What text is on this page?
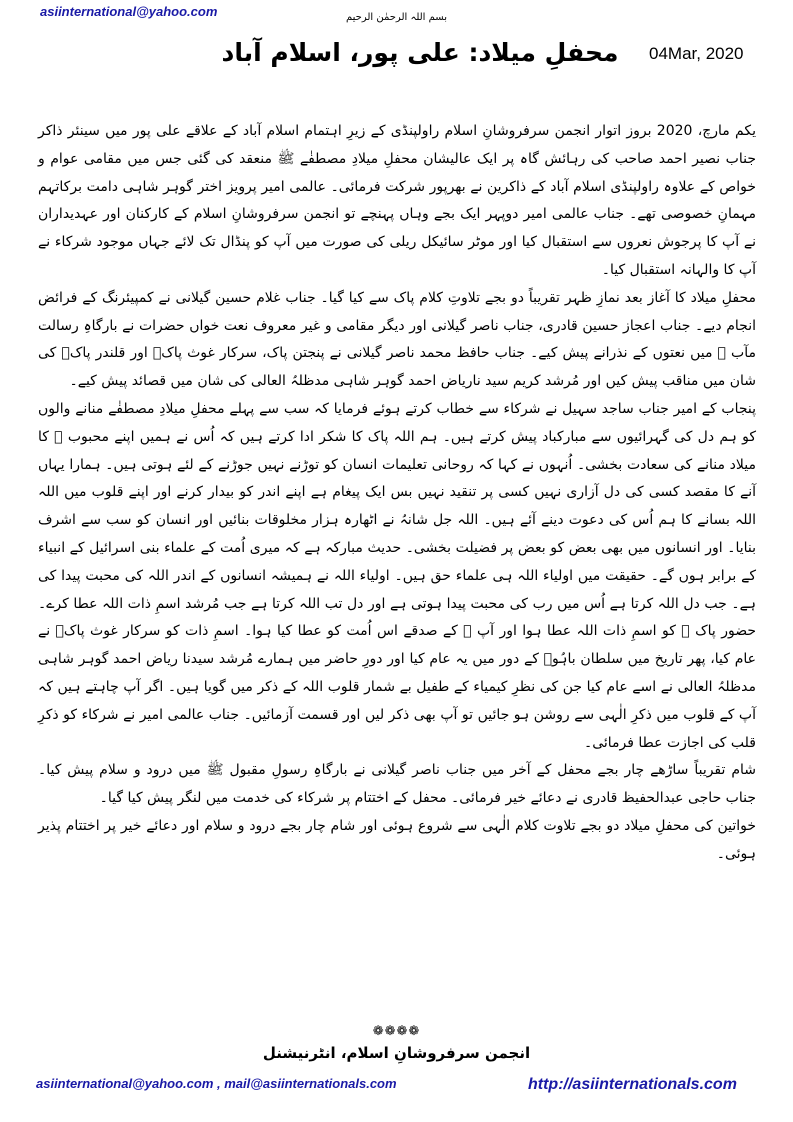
asiinternational@yahoo.com	بسم اللہ الرحمٰن الرحیم
محفلِ میلاد: علی پور، اسلام آباد 04Mar, 2020

یکم مارچ، 2020 بروز اتوار انجمن سرفروشانِ اسلام راولپنڈی کے زیرِ اہتمام اسلام آباد کے علاقے علی پور میں سینئر ذاکر جناب نصیر احمد صاحب کی رہائش گاہ پر ایک عالیشان محفلِ میلادِ مصطفٰے ﷺ منعقد کی گئی جس میں مقامی عوام و خواص کے علاوہ راولپنڈی اسلام آباد کے ذاکرین نے بھرپور شرکت فرمائی۔ عالمی امیر پرویز اختر گوہر شاہی دامت برکاتہم مہمانِ خصوصی تھے۔ جناب عالمی امیر دوپہر ایک بجے وہاں پہنچے تو انجمن سرفروشانِ اسلام کے کارکنان اور عہدیداران نے آپ کا پرجوش نعروں سے استقبال کیا اور موٹر سائیکل ریلی کی صورت میں آپ کو پنڈال تک لائے جہاں موجود شرکاء نے آپ کا والہانہ استقبال کیا۔

محفلِ میلاد کا آغاز بعد نمازِ ظہر تقریباً دو بجے تلاوتِ کلام پاک سے کیا گیا۔ جناب غلام حسین گیلانی نے کمپیئرنگ کے فرائض انجام دیے۔ جناب اعجاز حسین قادری، جناب ناصر گیلانی اور دیگر مقامی و غیر معروف نعت خواں حضرات نے بارگاہِ رسالت مآب ﷺ میں نعتوں کے نذرانے پیش کیے۔ جناب حافظ محمد ناصر گیلانی نے پنجتن پاک، سرکار غوث پاکؒ اور قلندر پاکؒ کی شان میں مناقب پیش کیں اور مُرشد کریم سید ناریاض احمد گوہر شاہی مدظلہُ العالی کی شان میں قصائد پیش کیے۔

پنجاب کے امیر جناب ساجد سہیل نے شرکاء سے خطاب کرتے ہوئے فرمایا کہ سب سے پہلے محفلِ میلادِ مصطفٰے منانے والوں کو ہم دل کی گہرائیوں سے مبارکباد پیش کرتے ہیں۔ ہم اللہ پاک کا شکر ادا کرتے ہیں کہ اُس نے ہمیں اپنے محبوب ﷺ کا میلاد منانے کی سعادت بخشی۔ اُنہوں نے کہا کہ روحانی تعلیمات انسان کو توڑنے نہیں جوڑنے کے لئے ہوتی ہیں۔ ہمارا یہاں آنے کا مقصد کسی کی دل آزاری نہیں کسی پر تنقید نہیں بس ایک پیغام ہے اپنے اندر کو بیدار کرنے اور اپنے قلوب میں اللہ اللہ بسانے کا ہم اُس کی دعوت دینے آئے ہیں۔ اللہ جل شانہُ نے اٹھارہ ہزار مخلوقات بنائیں اور انسان کو سب سے اشرف بنایا۔ اور انسانوں میں بھی بعض کو بعض پر فضیلت بخشی۔ حدیث مبارکہ ہے کہ میری اُمت کے علماء بنی اسرائیل کے انبیاء کے برابر ہوں گے۔ حقیقت میں اولیاء اللہ ہی علماء حق ہیں۔ اولیاء اللہ نے ہمیشہ انسانوں کے اندر اللہ کی محبت پیدا کی ہے۔ جب دل اللہ کرتا ہے اُس میں رب کی محبت پیدا ہوتی ہے اور دل تب اللہ کرتا ہے جب مُرشد اسمِ ذات اللہ عطا کرے۔ حضور پاک ﷺ کو اسمِ ذات اللہ عطا ہوا اور آپ ﷺ کے صدقے اس اُمت کو عطا کیا ہوا۔ اسمِ ذات کو سرکار غوث پاکؒ نے عام کیا، پھر تاریخ میں سلطان باہُوؒ کے دور میں یہ عام کیا اور دورِ حاضر میں ہمارے مُرشد سیدنا ریاض احمد گوہر شاہی مدظلہُ العالی نے اسے عام کیا جن کی نظرِ کیمیاء کے طفیل بے شمار قلوب اللہ کے ذکر میں گویا ہیں۔ اگر آپ چاہتے ہیں کہ آپ کے قلوب میں ذکرِ الٰہی سے روشن ہو جائیں تو آپ بھی ذکر لیں اور قسمت آزمائیں۔ جناب عالمی امیر نے شرکاء کو ذکرِ قلب کی اجازت عطا فرمائی۔

شام تقریباً ساڑھے چار بجے محفل کے آخر میں جناب ناصر گیلانی نے بارگاہِ رسولِ مقبول ﷺ میں درود و سلام پیش کیا۔ جناب حاجی عبدالحفیظ قادری نے دعائے خیر فرمائی۔ محفل کے اختتام پر شرکاء کی خدمت میں لنگر پیش کیا گیا۔

خواتین کی محفلِ میلاد دو بجے تلاوت کلام الٰہی سے شروع ہوئی اور شام چار بجے درود و سلام اور دعائے خیر پر اختتام پذیر ہوئی۔

❁❁❁❁
انجمن سرفروشانِ اسلام، انٹرنیشنل
asiinternational@yahoo.com , mail@asiinternationals.com	http://asiinternationals.com
